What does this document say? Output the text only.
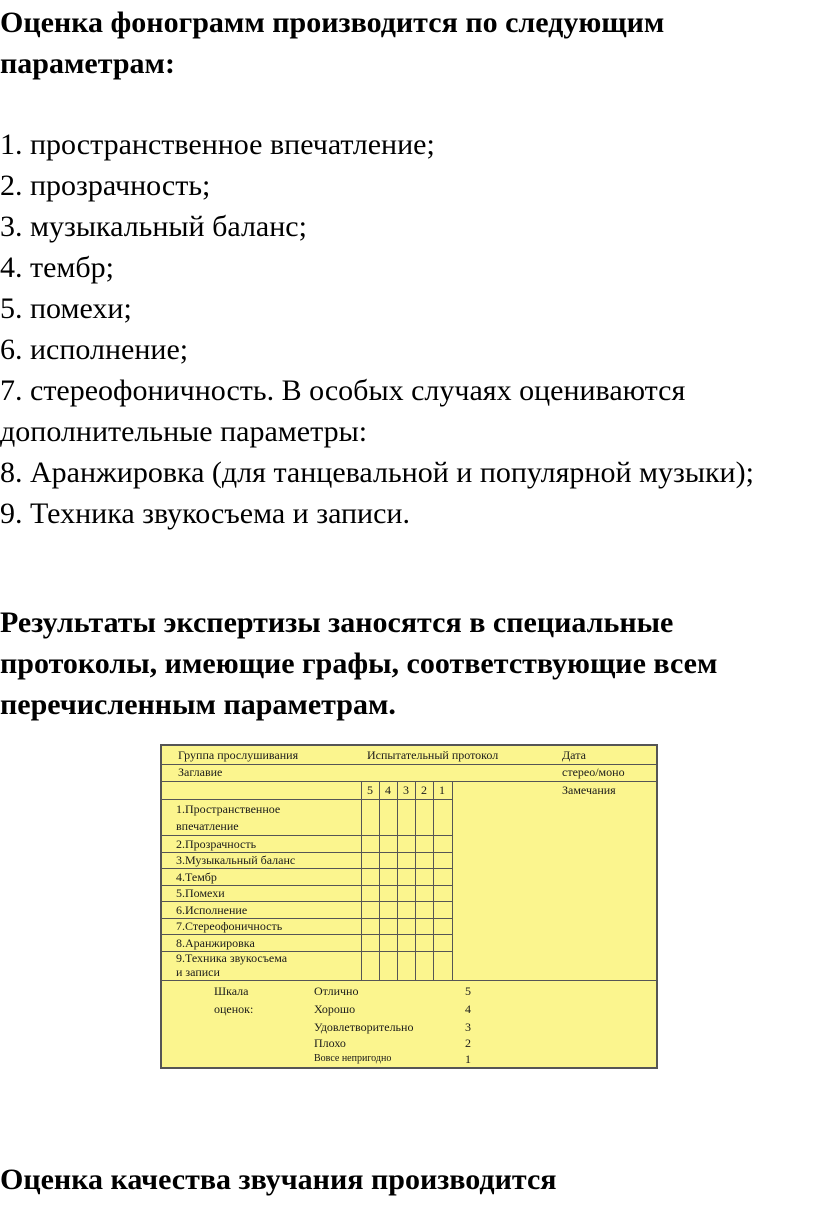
Оценка фонограмм производится по следующим параметрам:
1. пространственное впечатление;
2. прозрачность;
3. музыкальный баланс;
4. тембр;
5. помехи;
6. исполнение;
7. стереофоничность. В особых случаях оцениваются дополнительные параметры:
8. Аранжировка (для танцевальной и популярной музыки);
9. Техника звукосъема и записи.
Результаты экспертизы заносятся в специальные протоколы, имеющие графы, соответствующие всем перечисленным параметрам.
Группа прослушивания	Испытательный протокол	Дата
Заглавие	стерео/моно
Замечания
5	4	3	2	1
1.Пространственное впечатление
2.Прозрачность
3.Музыкальный баланс
4.Тембр
5.Помехи
6.Исполнение
7.Стереофоничность
8.Аранжировка
9.Техника звукосъема и записи
Шкала
оценок:
Отлично	5
Хорошо	4
Удовлетворительно	3
Плохо	2
Вовсе непригодно	1
Оценка качества звучания производится
